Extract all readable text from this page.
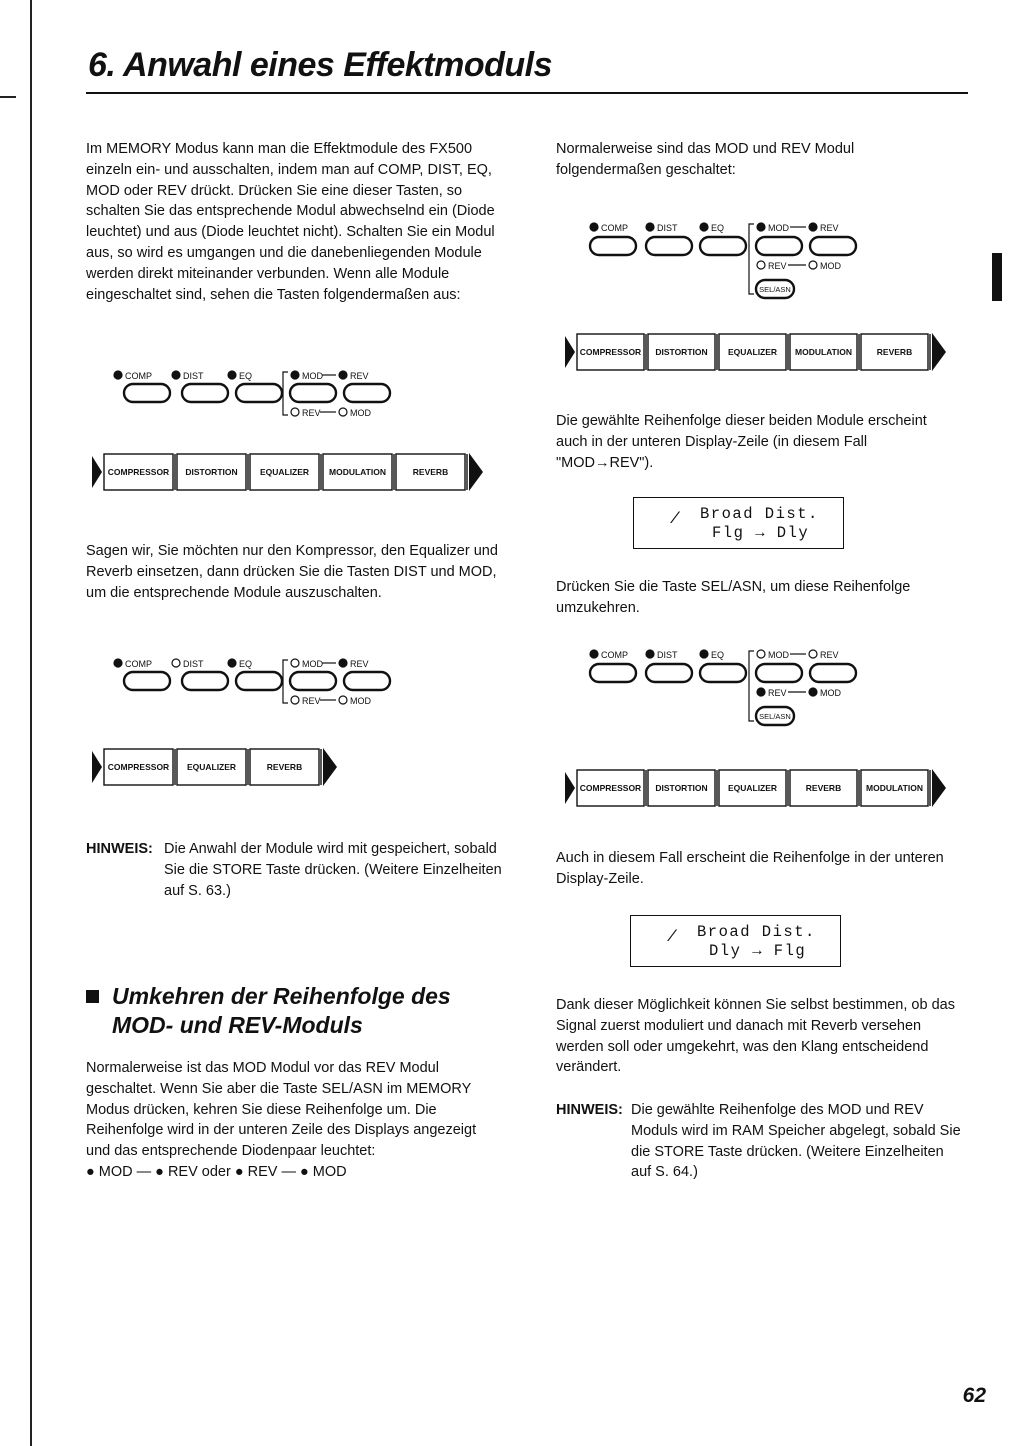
6. Anwahl eines Effektmoduls

Im MEMORY Modus kann man die Effektmodule des FX500 einzeln ein- und ausschalten, indem man auf COMP, DIST, EQ, MOD oder REV drückt. Drücken Sie eine dieser Tasten, so schalten Sie das entsprechende Modul abwechselnd ein (Diode leuchtet) und aus (Diode leuchtet nicht). Schalten Sie ein Modul aus, so wird es umgangen und die danebenliegenden Module werden direkt miteinander verbunden. Wenn alle Module eingeschaltet sind, sehen die Tasten folgendermaßen aus:

COMP	DIST	EQ	MOD	REV
REV	MOD
COMPRESSOR DISTORTION	EQUALIZER MODULATION	REVERB

Sagen wir, Sie möchten nur den Kompressor, den Equalizer und Reverb einsetzen, dann drücken Sie die Tasten DIST und MOD, um die entsprechende Module auszuschalten.

COMP	DIST	EQ	MOD	REV
REV	MOD
COMPRESSOR EQUALIZER	REVERB
HINWEIS: Die Anwahl der Module wird mit gespeichert, sobald Sie die STORE Taste drücken. (Weitere Einzelheiten auf S. 63.)

Umkehren der Reihenfolge des
MOD- und REV-Moduls

Normalerweise ist das MOD Modul vor das REV Modul geschaltet. Wenn Sie aber die Taste SEL/ASN im MEMORY Modus drücken, kehren Sie diese Reihenfolge um. Die Reihenfolge wird in der unteren Zeile des Displays angezeigt und das entsprechende Diodenpaar leuchtet:

● MOD — ● REV oder ● REV — ● MOD

Normalerweise sind das MOD und REV Modul folgendermaßen geschaltet:

COMP	DIST	EQ	MOD	REV
REV	MOD
SEL/ASN
COMPRESSOR DISTORTION EQUALIZER MODULATION	REVERB

Die gewählte Reihenfolge dieser beiden Module erscheint auch in der unteren Display-Zeile (in diesem Fall "MOD→REV").

/ Broad Dist.
Flg → Dly

Drücken Sie die Taste SEL/ASN, um diese Reihenfolge umzukehren.

COMP	DIST	EQ	MOD	REV
REV	MOD
SEL/ASN
COMPRESSOR DISTORTION EQUALIZER	REVERB	MODULATION

Auch in diesem Fall erscheint die Reihenfolge in der unteren Display-Zeile.

/ Broad Dist.
Dly → Flg

Dank dieser Möglichkeit können Sie selbst bestimmen, ob das Signal zuerst moduliert und danach mit Reverb versehen werden soll oder umgekehrt, was den Klang entscheidend verändert.

HINWEIS: Die gewählte Reihenfolge des MOD und REV Moduls wird im RAM Speicher abgelegt, sobald Sie die STORE Taste drücken. (Weitere Einzelheiten auf S. 64.)

62
